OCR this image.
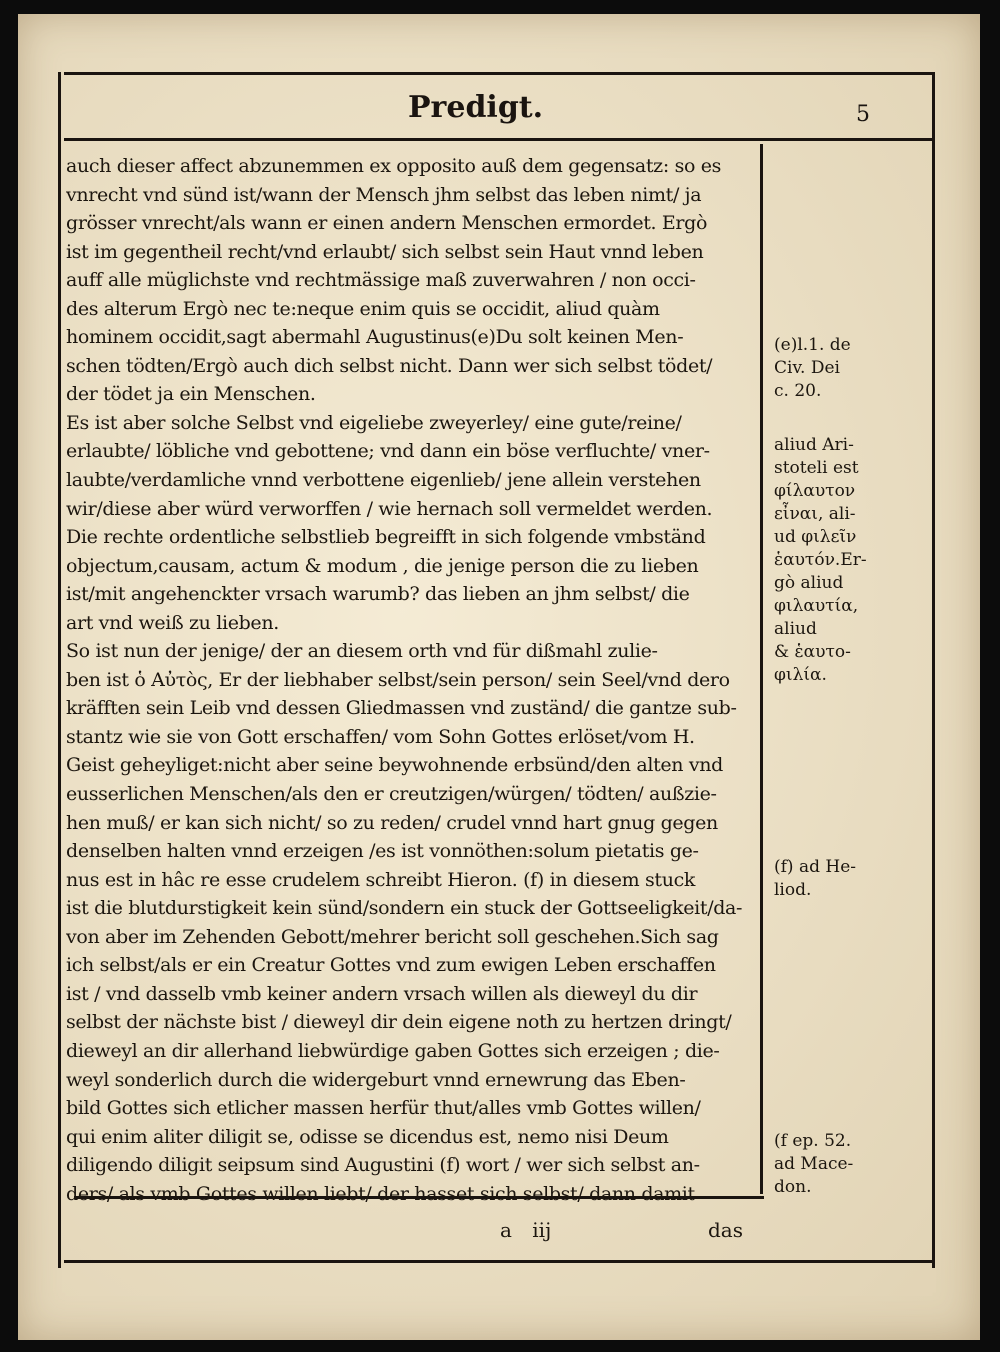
Predigt.	5
auch dieser affect abzunemmen ex opposito auß dem gegensatz: so es
vnrecht vnd sünd ist/wann der Mensch jhm selbst das leben nimt/ ja
grösser vnrecht/als wann er einen andern Menschen ermordet. Ergò
ist im gegentheil recht/vnd erlaubt/ sich selbst sein Haut vnnd leben
auff alle müglichste vnd rechtmässige maß zuverwahren / non occi-
des alterum Ergò nec te:neque enim quis se occidit, aliud quàm
hominem occidit,sagt abermahl Augustinus(e)Du solt keinen Men-
schen tödten/Ergò auch dich selbst nicht. Dann wer sich selbst tödet/
der tödet ja ein Menschen.
Es ist aber solche Selbst vnd eigeliebe zweyerley/ eine gute/reine/
erlaubte/ löbliche vnd gebottene; vnd dann ein böse verfluchte/ vner-
laubte/verdamliche vnnd verbottene eigenlieb/ jene allein verstehen
wir/diese aber würd verworffen / wie hernach soll vermeldet werden.
Die rechte ordentliche selbstlieb begreifft in sich folgende vmbständ
objectum,causam, actum & modum , die jenige person die zu lieben
ist/mit angehenckter vrsach warumb? das lieben an jhm selbst/ die
art vnd weiß zu lieben.
So ist nun der jenige/ der an diesem orth vnd für dißmahl zulie-
ben ist ὁ Αὐτὸς, Er der liebhaber selbst/sein person/ sein Seel/vnd dero
kräfften sein Leib vnd dessen Gliedmassen vnd zuständ/ die gantze sub-
stantz wie sie von Gott erschaffen/ vom Sohn Gottes erlöset/vom H.
Geist geheyliget:nicht aber seine beywohnende erbsünd/den alten vnd
eusserlichen Menschen/als den er creutzigen/würgen/ tödten/ außzie-
hen muß/ er kan sich nicht/ so zu reden/ crudel vnnd hart gnug gegen
denselben halten vnnd erzeigen /es ist vonnöthen:solum pietatis ge-
nus est in hâc re esse crudelem schreibt Hieron. (f) in diesem stuck
ist die blutdurstigkeit kein sünd/sondern ein stuck der Gottseeligkeit/da-
von aber im Zehenden Gebott/mehrer bericht soll geschehen.Sich sag
ich selbst/als er ein Creatur Gottes vnd zum ewigen Leben erschaffen
ist / vnd dasselb vmb keiner andern vrsach willen als dieweyl du dir
selbst der nächste bist / dieweyl dir dein eigene noth zu hertzen dringt/
dieweyl an dir allerhand liebwürdige gaben Gottes sich erzeigen ; die-
weyl sonderlich durch die widergeburt vnnd ernewrung das Eben-
bild Gottes sich etlicher massen herfür thut/alles vmb Gottes willen/
qui enim aliter diligit se, odisse se dicendus est, nemo nisi Deum
diligendo diligit seipsum sind Augustini (f) wort / wer sich selbst an-
ders/ als vmb Gottes willen liebt/ der hasset sich selbst/ dann damit
(e)l.1. de
Civ. Dei
c. 20.
aliud Ari-
stoteli est
φίλαυτον
εἶναι, ali-
ud φιλεῖν
ἑαυτόν.Er-
gò aliud
φιλαυτία,
aliud
& ἑαυτο-
φιλία.
(f) ad He-
liod.
(f ep. 52.
ad Mace-
don.
a iij	das
